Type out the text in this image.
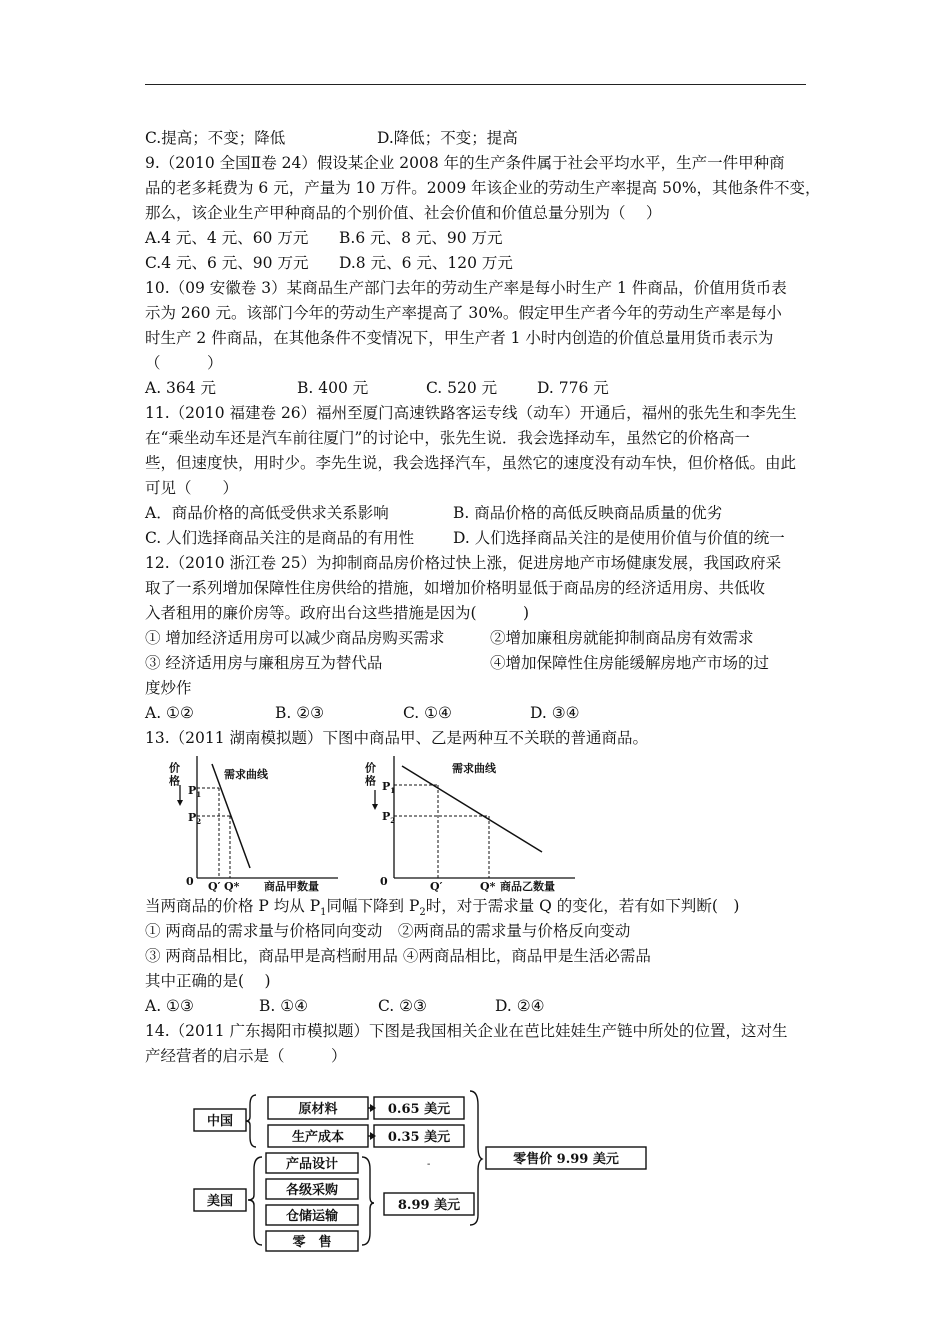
C.提高；不变；降低	D.降低；不变；提高
9.（2010 全国Ⅱ卷 24）假设某企业 2008 年的生产条件属于社会平均水平，生产一件甲种商
品的老多耗费为 6 元，产量为 10 万件。2009 年该企业的劳动生产率提高 50%，其他条件不变，
那么，该企业生产甲种商品的个别价值、社会价值和价值总量分别为（　 ）
A.4 元、4 元、60 万元 B.6 元、8 元、90 万元
C.4 元、6 元、90 万元 D.8 元、6 元、120 万元
10.（09 安徽卷 3）某商品生产部门去年的劳动生产率是每小时生产 1 件商品，价值用货币表
示为 260 元。该部门今年的劳动生产率提高了 30%。假定甲生产者今年的劳动生产率是每小
时生产 2 件商品，在其他条件不变情况下，甲生产者 1 小时内创造的价值总量用货币表示为
（　　　）
A. 364 元	B. 400 元	C. 520 元	D. 776 元
11.（2010 福建卷 26）福州至厦门高速铁路客运专线（动车）开通后，福州的张先生和李先生
在“乘坐动车还是汽车前往厦门”的讨论中，张先生说．我会选择动车，虽然它的价格高一
些，但速度快，用时少。李先生说，我会选择汽车，虽然它的速度没有动车快，但价格低。由此
可见（　　）
A．商品价格的高低受供求关系影响	B. 商品价格的高低反映商品质量的优劣
C. 人们选择商品关注的是商品的有用性	D. 人们选择商品关注的是使用价值与价值的统一
12.（2010 浙江卷 25）为抑制商品房价格过快上涨，促进房地产市场健康发展，我国政府采
取了一系列增加保障性住房供给的措施，如增加价格明显低于商品房的经济适用房、共低收
入者租用的廉价房等。政府出台这些措施是因为(　　　)
① 增加经济适用房可以减少商品房购买需求	②增加廉租房就能抑制商品房有效需求
③ 经济适用房与廉租房互为替代品	④增加保障性住房能缓解房地产市场的过
度炒作
A. ①②	B. ②③	C. ①④	D. ③④
13.（2011 湖南模拟题）下图中商品甲、乙是两种互不关联的普通商品。
价格	需求曲线
$P_1$
$P_2$
0 Q′ Q* 商品甲数量
价格	需求曲线
$P_1$
$P_2$
0	Q′	Q* 商品乙数量
当两商品的价格 P 均从 $P_1$同幅下降到 $P_2$时，对于需求量 Q 的变化，若有如下判断(　)
① 两商品的需求量与价格同向变动　②两商品的需求量与价格反向变动
③ 两商品相比，商品甲是高档耐用品 ④两商品相比，商品甲是生活必需品
其中正确的是(　 )
A. ①③	B. ①④	C. ②③	D. ②④
14.（2011 广东揭阳市模拟题）下图是我国相关企业在芭比娃娃生产链中所处的位置，这对生
产经营者的启示是（　　　）
-
中国
原材料
生产成本
0.65 美元
0.35 美元
零售价 9.99 美元
美国
产品设计
各级采购
仓储运输
零　售
8.99 美元
